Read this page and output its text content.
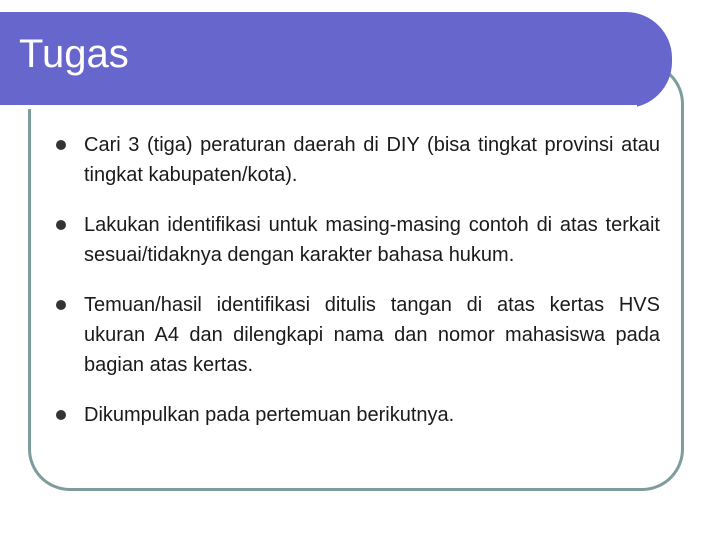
Tugas
Cari 3 (tiga) peraturan daerah di DIY (bisa tingkat provinsi atau tingkat kabupaten/kota).
Lakukan identifikasi untuk masing-masing contoh di atas terkait sesuai/tidaknya dengan karakter bahasa hukum.
Temuan/hasil identifikasi ditulis tangan di atas kertas HVS ukuran A4 dan dilengkapi nama dan nomor mahasiswa pada bagian atas kertas.
Dikumpulkan pada pertemuan berikutnya.
